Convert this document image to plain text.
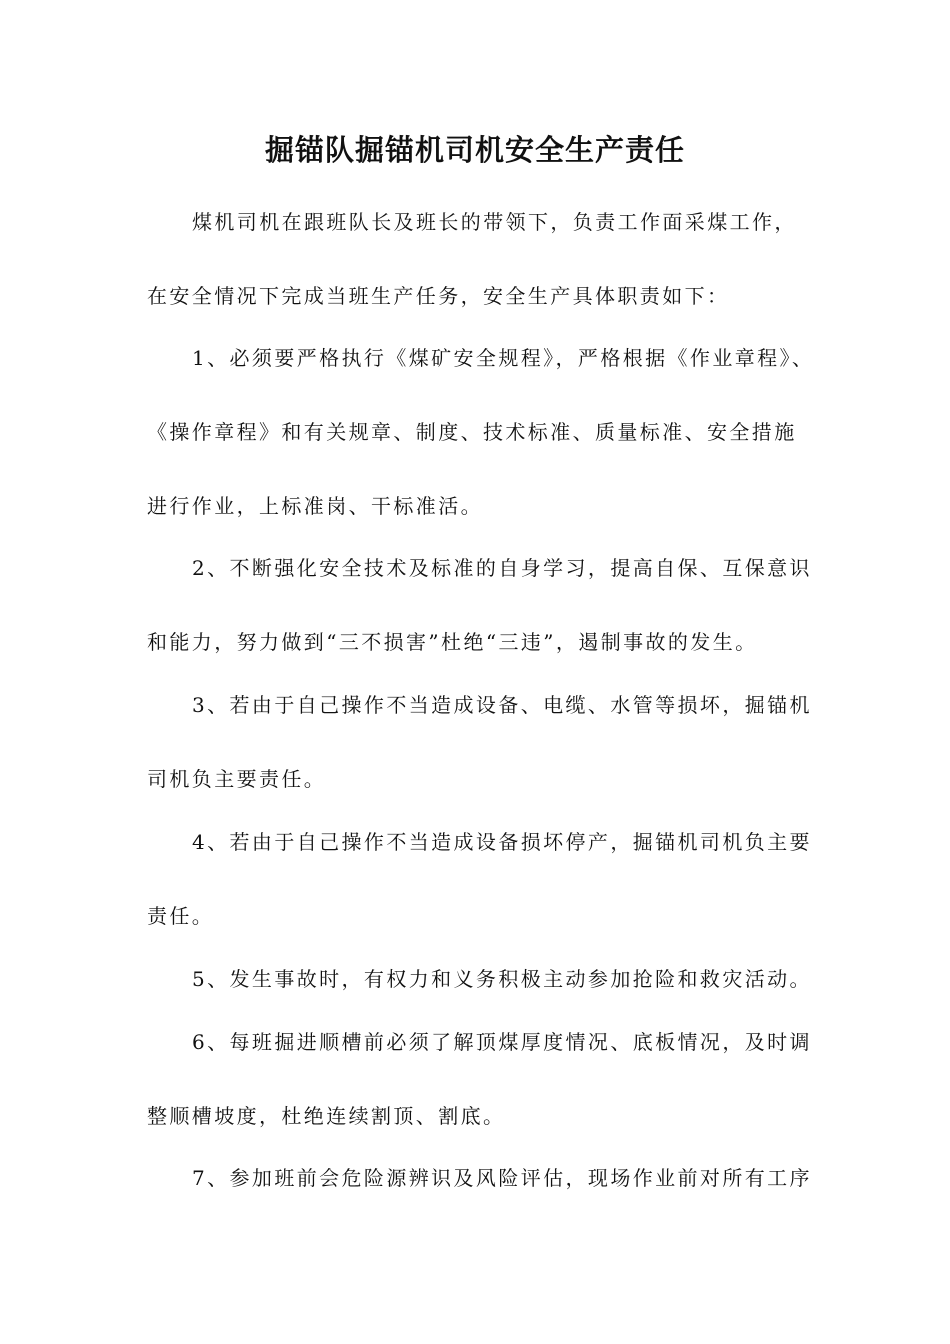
掘锚队掘锚机司机安全生产责任
煤机司机在跟班队长及班长的带领下，负责工作面采煤工作，
在安全情况下完成当班生产任务，安全生产具体职责如下：
1、必须要严格执行《煤矿安全规程》，严格根据《作业章程》、
《操作章程》和有关规章、制度、技术标准、质量标准、安全措施
进行作业，上标准岗、干标准活。
2、不断强化安全技术及标准的自身学习，提高自保、互保意识
和能力，努力做到“三不损害”杜绝“三违”，遏制事故的发生。
3、若由于自己操作不当造成设备、电缆、水管等损坏，掘锚机
司机负主要责任。
4、若由于自己操作不当造成设备损坏停产，掘锚机司机负主要
责任。
5、发生事故时，有权力和义务积极主动参加抢险和救灾活动。
6、每班掘进顺槽前必须了解顶煤厚度情况、底板情况，及时调
整顺槽坡度，杜绝连续割顶、割底。
7、参加班前会危险源辨识及风险评估，现场作业前对所有工序
